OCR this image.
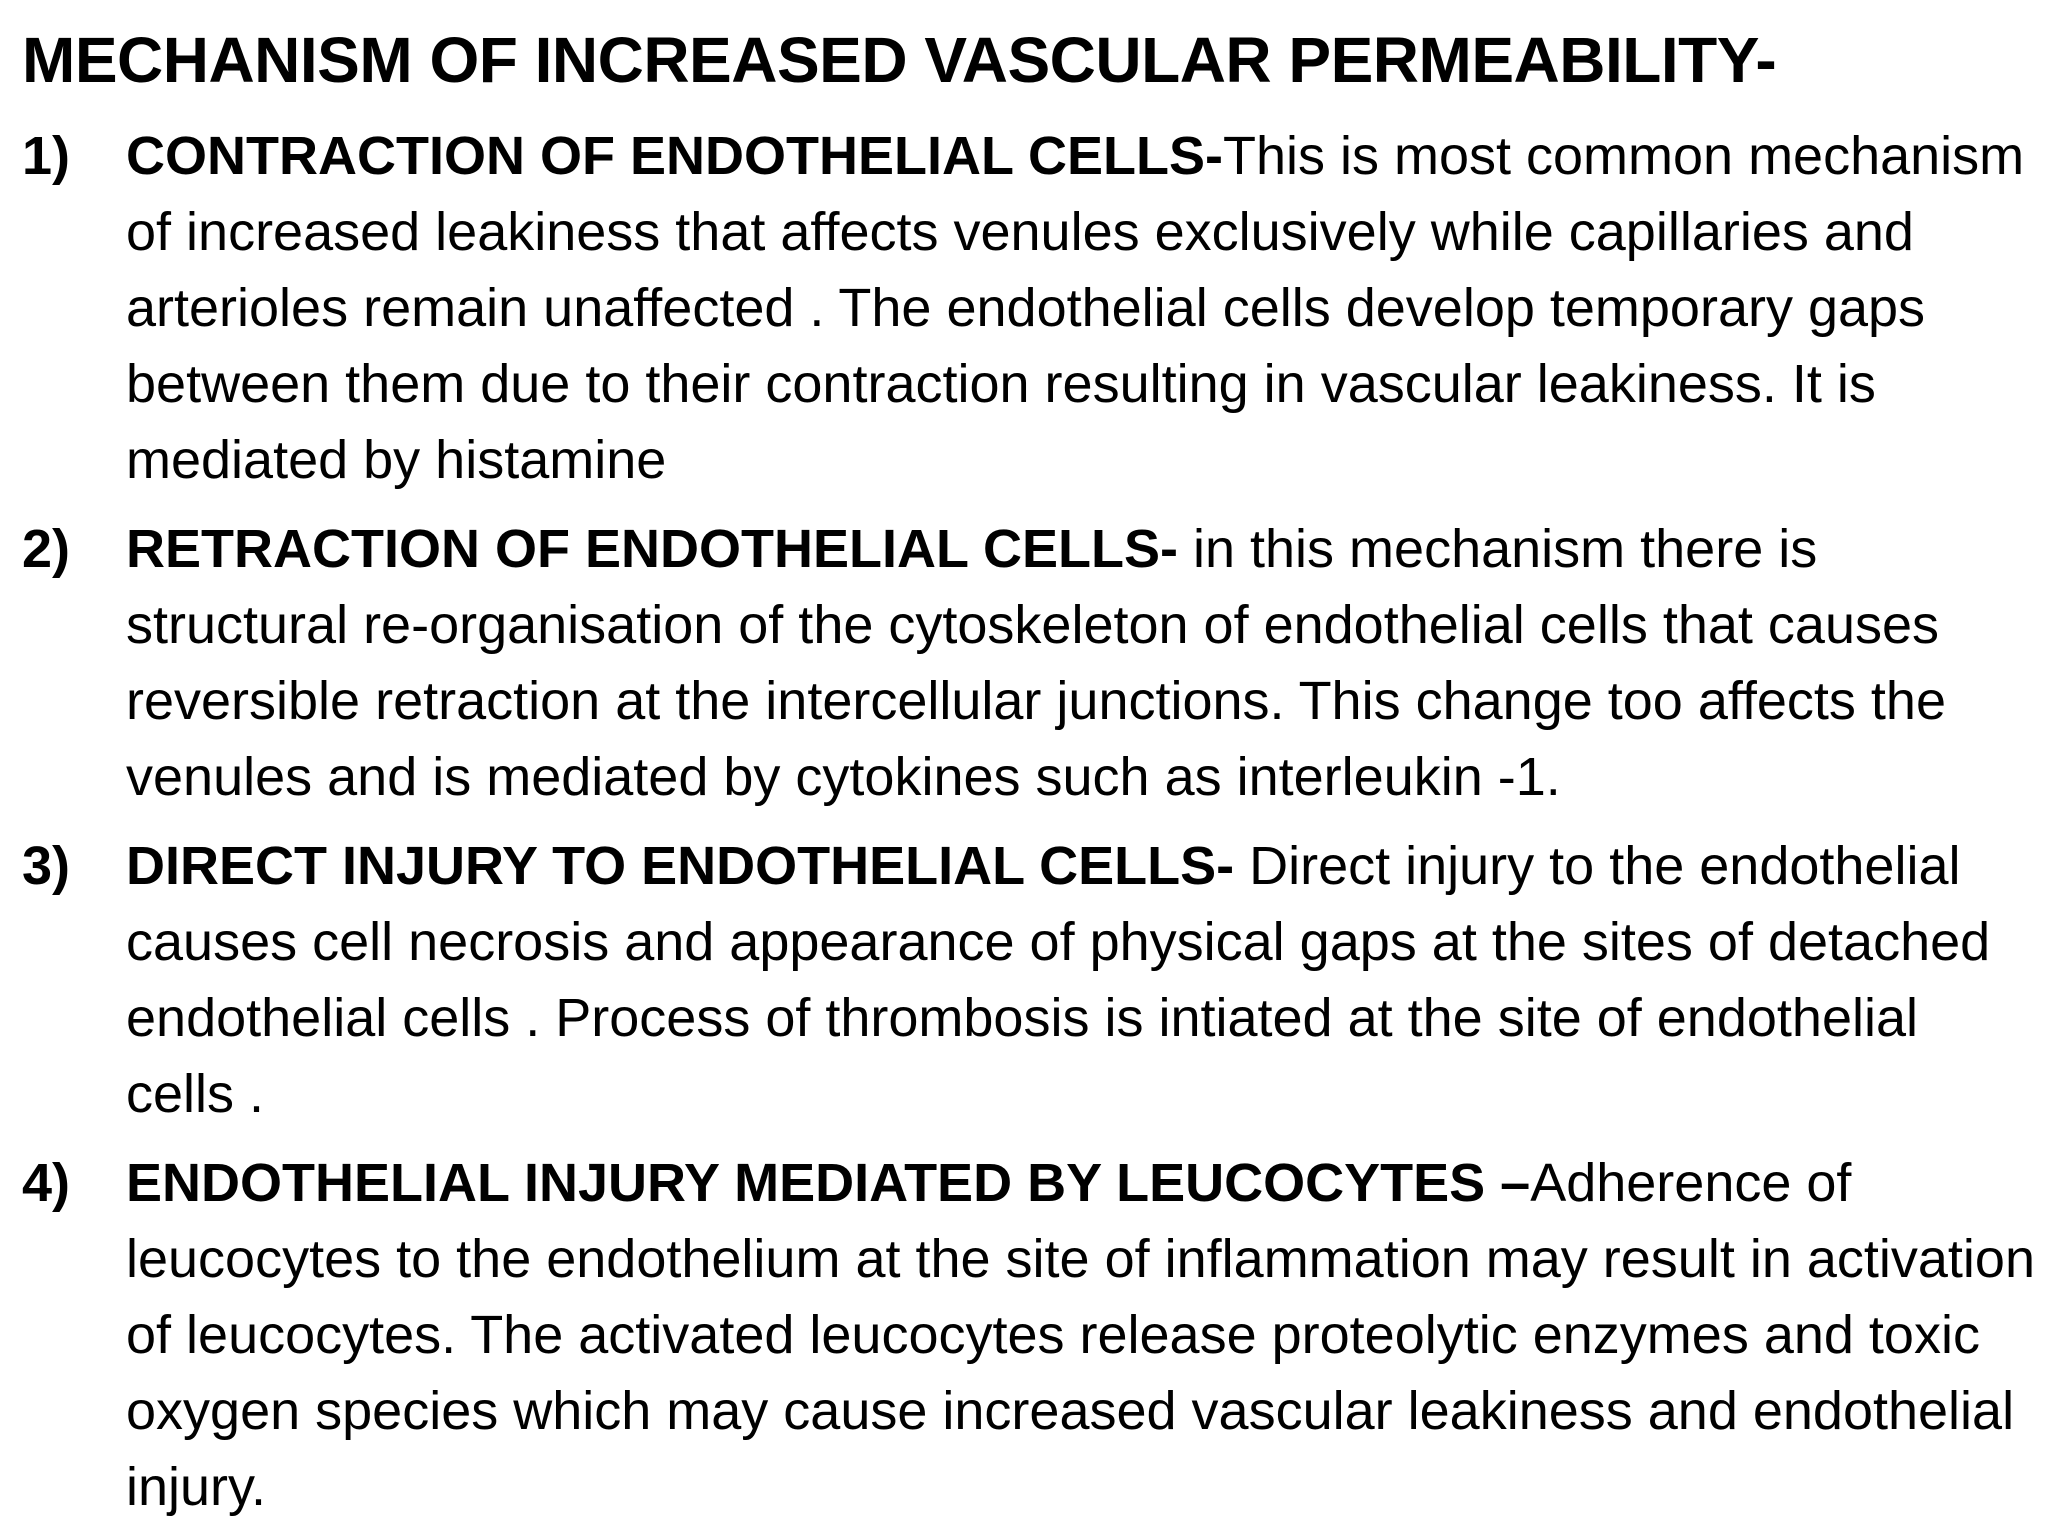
MECHANISM OF INCREASED VASCULAR PERMEABILITY-
1) CONTRACTION OF ENDOTHELIAL CELLS-This is most common mechanism of increased leakiness that affects venules exclusively while capillaries and arterioles remain unaffected . The endothelial cells develop temporary gaps between them due to their contraction resulting in vascular leakiness. It is mediated by histamine
2) RETRACTION OF ENDOTHELIAL CELLS- in this mechanism there is structural re-organisation of the cytoskeleton of endothelial cells that causes reversible retraction at the intercellular junctions. This change too affects the venules and is mediated by cytokines such as interleukin -1.
3) DIRECT INJURY TO ENDOTHELIAL CELLS- Direct injury to the endothelial causes cell necrosis and appearance of physical gaps at the sites of detached endothelial cells . Process of thrombosis is intiated at the site of endothelial cells .
4) ENDOTHELIAL INJURY MEDIATED BY LEUCOCYTES –Adherence of leucocytes to the endothelium at the site of inflammation may result in activation of leucocytes. The activated leucocytes release proteolytic enzymes and toxic oxygen species which may cause increased vascular leakiness and endothelial injury.
